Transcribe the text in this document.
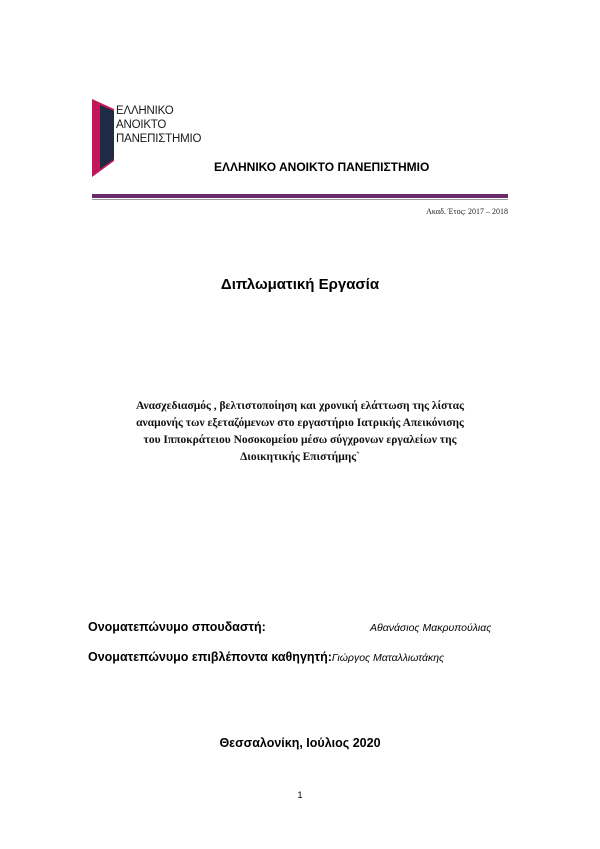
ΕΛΛΗΝΙΚΟ
ΑΝΟΙΚΤΟ
ΠΑΝΕΠΙΣΤΗΜΙΟ
ΕΛΛΗΝΙΚΟ ΑΝΟΙΚΤΟ ΠΑΝΕΠΙΣΤΗΜΙΟ
Ακαδ. Έτος: 2017 – 2018
Διπλωματική Εργασία
Ανασχεδιασμός , βελτιστοποίηση και χρονική ελάττωση της λίστας
αναμονής των εξεταζόμενων στο εργαστήριο Ιατρικής Απεικόνισης
του Ιπποκράτειου Νοσοκομείου μέσω σύγχρονων εργαλείων της
Διοικητικής Επιστήμης`
Ονοματεπώνυμο σπουδαστή:	Αθανάσιος Μακρυπούλιας
Ονοματεπώνυμο επιβλέποντα καθηγητή:Γιώργος Ματαλλιωτάκης
Θεσσαλονίκη, Ιούλιος 2020
1
